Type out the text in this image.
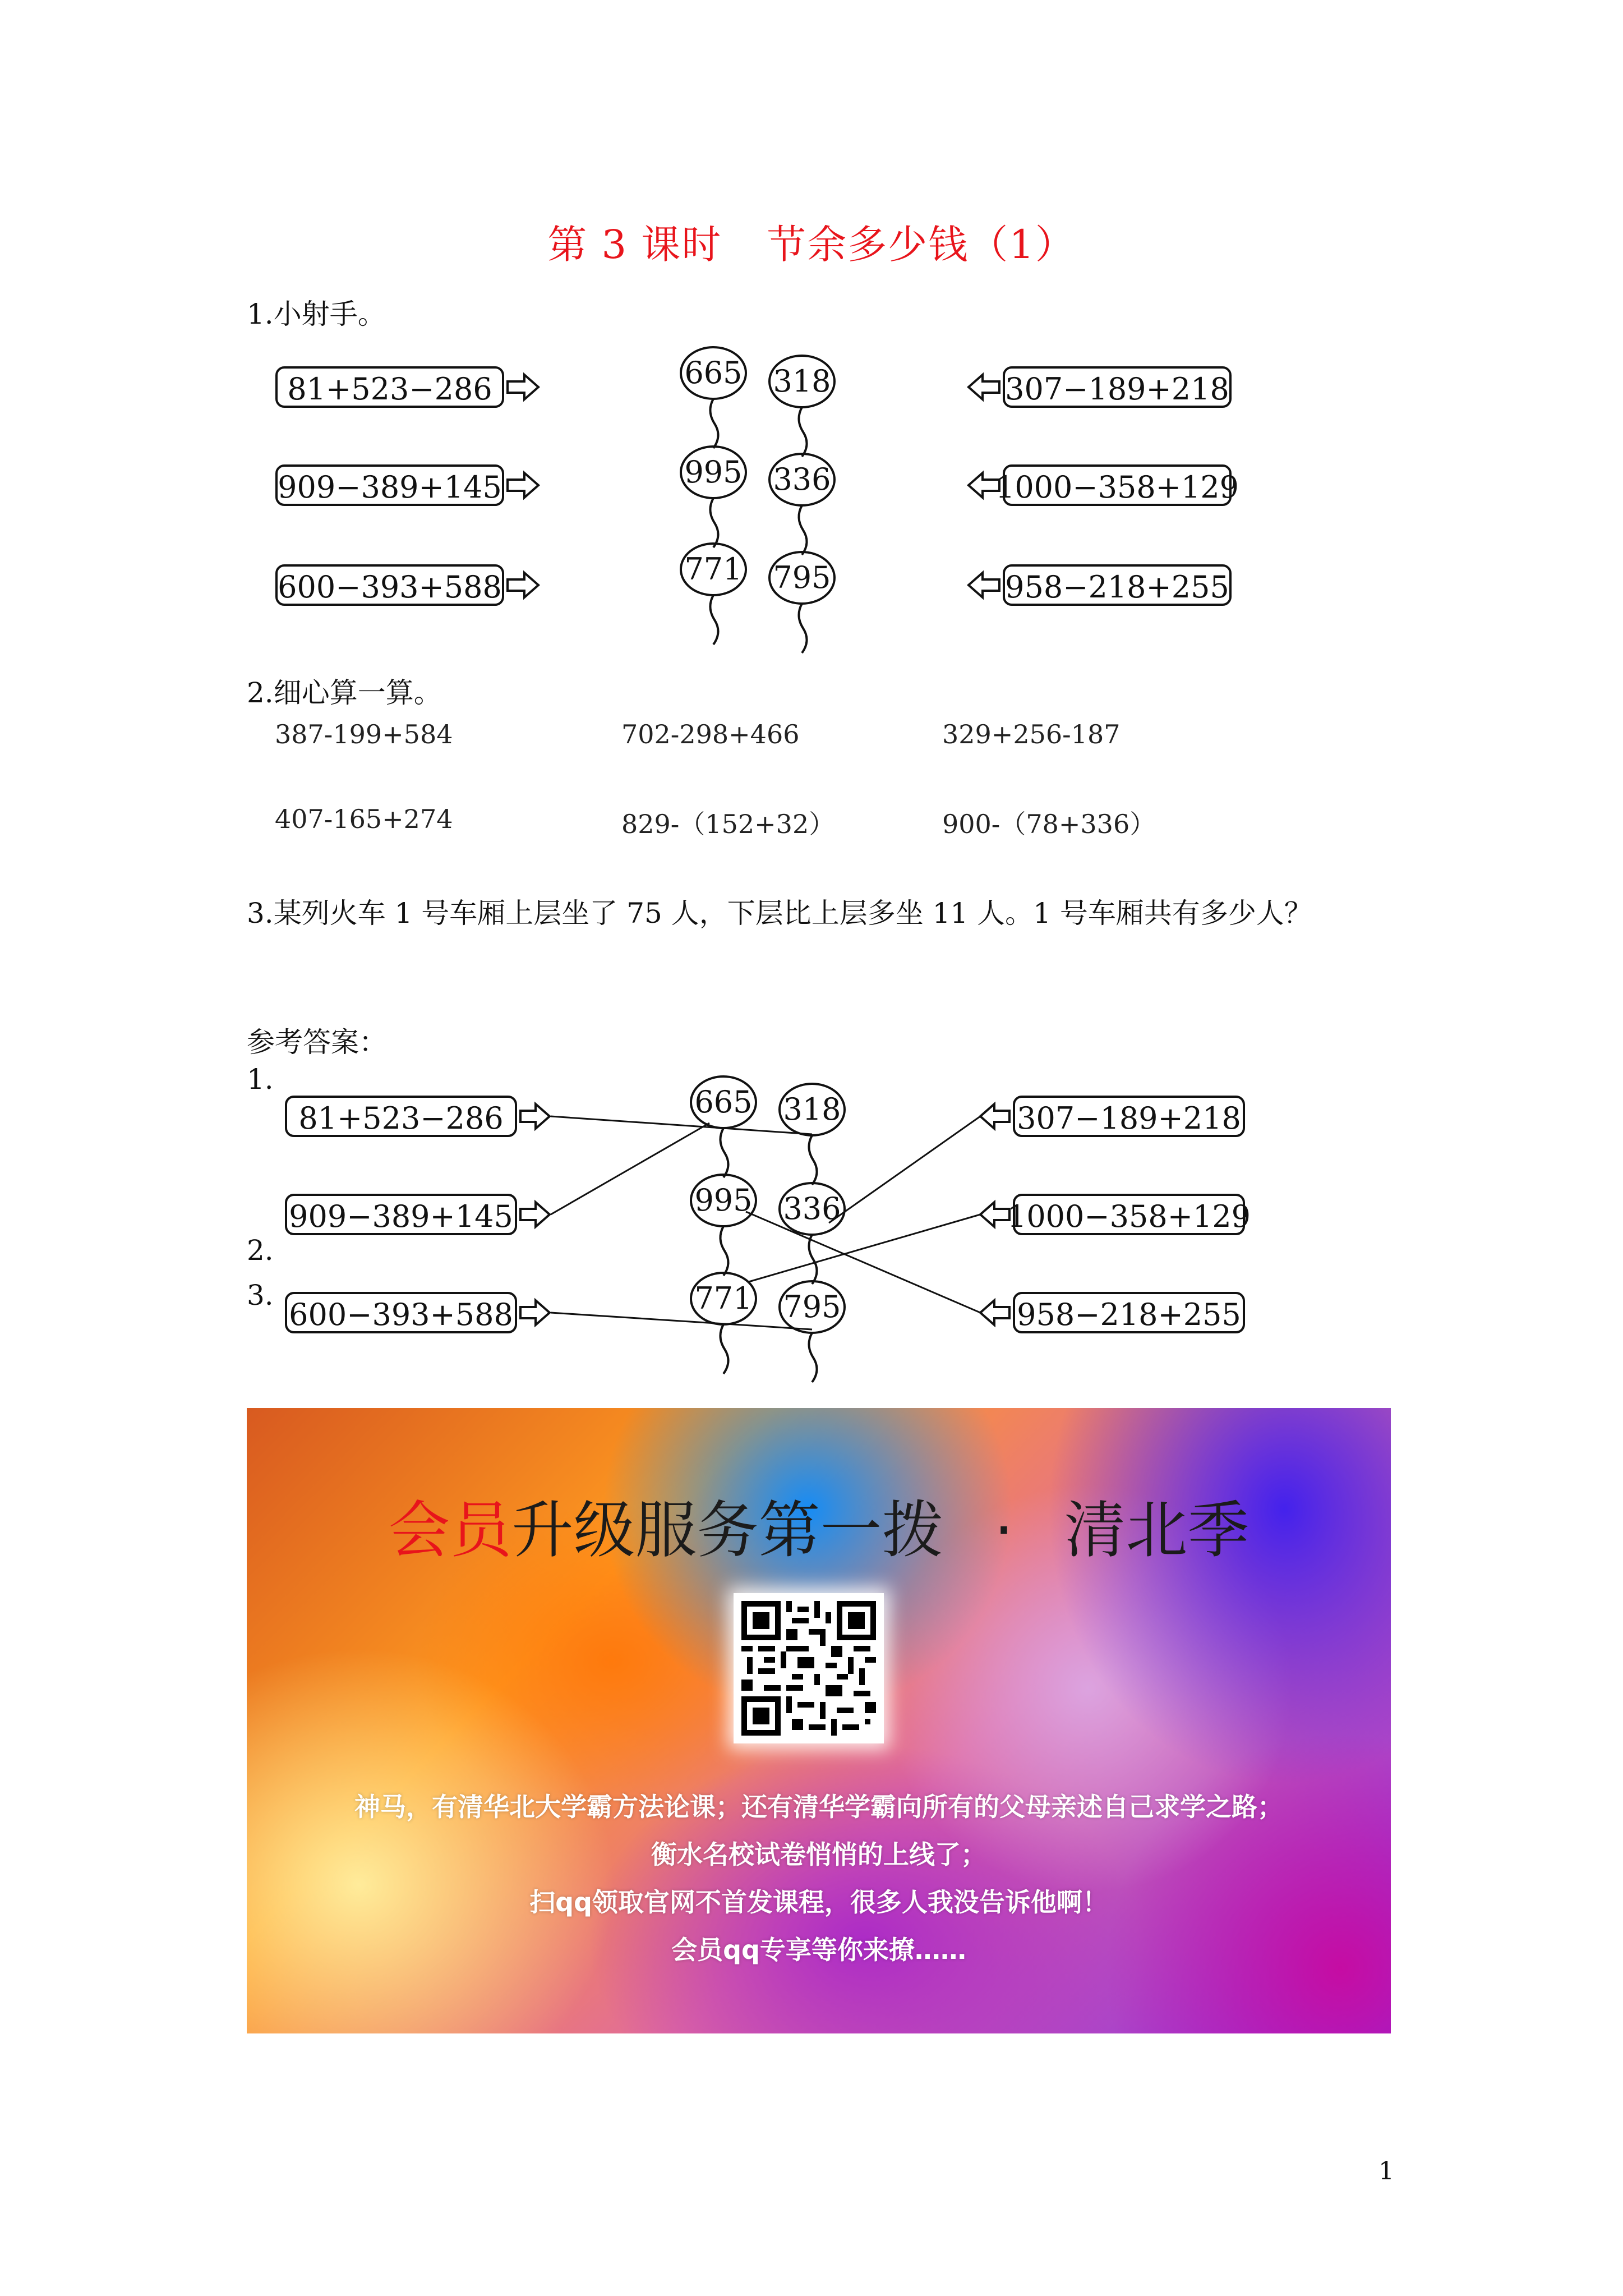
第 3 课时 节余多少钱（1）
1.小射手。
81+523−286
909−389+145
600−393+588
307−189+218
1000−358+129
958−218+255
665
995
771
318
336
795
2.细心算一算。
387-199+584	702-298+466	329+256-187
407-165+274	829-（152+32）	900-（78+336）
3.某列火车 1 号车厢上层坐了 75 人，下层比上层多坐 11 人。1 号车厢共有多少人？
参考答案：
1.
2.
3.
81+523−286
909−389+145
600−393+588
307−189+218
1000−358+129
958−218+255
665
995
771
318
336
795
会员升级服务第一拨 · 清北季
神马，有清华北大学霸方法论课；还有清华学霸向所有的父母亲述自己求学之路；
衡水名校试卷悄悄的上线了；
扫qq领取官网不首发课程，很多人我没告诉他啊！
会员qq专享等你来撩……
1
